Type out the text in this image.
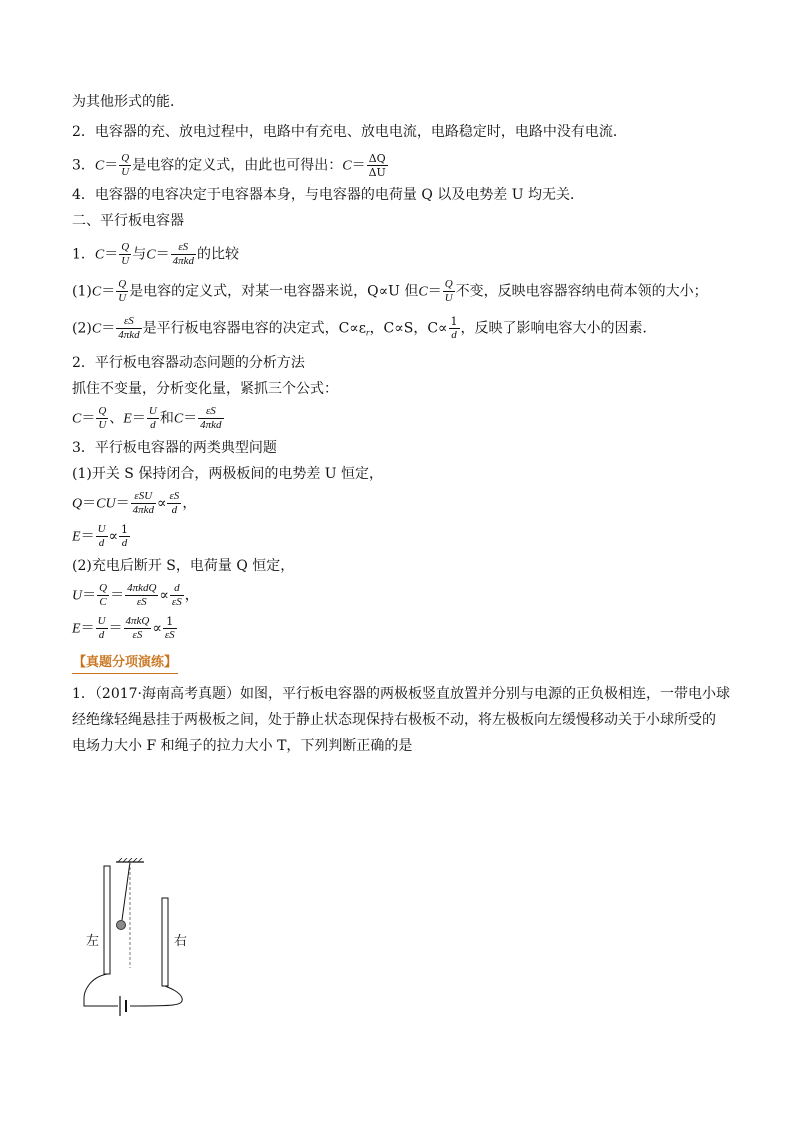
为其他形式的能．
2．电容器的充、放电过程中，电路中有充电、放电电流，电路稳定时，电路中没有电流．
3．$C= \frac{Q}{U}$ 是电容的定义式，由此也可得出：$C= \frac{\Delta Q}{\Delta U}$
4．电容器的电容决定于电容器本身，与电容器的电荷量 Q 以及电势差 U 均无关．
二、平行板电容器
1．$C= \frac{Q}{U}$ 与$C= \frac{\varepsilon S}{\text{4πkd}}$ 的比较
$(1)C= \frac{Q}{U}$ 是电容的定义式，对某一电容器来说，Q∝U 但$C= \frac{Q}{U}$ 不变，反映电容器容纳电荷本领的大小；
$(2)C= \frac{\varepsilon S}{\text{4πkd}}$ 是平行板电容器电容的决定式，$C\propto\varepsilon_r$，C∝S，$C\propto \frac{1}{d}$ ，反映了影响电容大小的因素．
2．平行板电容器动态问题的分析方法
抓住不变量，分析变化量，紧抓三个公式：
$C= \frac{Q}{U}$ 、$E= \frac{U}{d}$ 和$C= \frac{\varepsilon S}{\text{4πkd}}$
3．平行板电容器的两类典型问题
(1)开关 S 保持闭合，两极板间的电势差 U 恒定，
$Q=CU= \frac{\text{εSU}}{\text{4πkd}} \propto \frac{\varepsilon S}{d}$ ，
$E= \frac{U}{d} \propto \frac{1}{d}$
(2)充电后断开 S，电荷量 Q 恒定，
$U= \frac{Q}{C} = \frac{\text{4πkdQ}}{\varepsilon S} \propto \frac{d}{\varepsilon S}$ ，
$E= \frac{U}{d} = \frac{\text{4πkQ}}{\varepsilon S} \propto \frac{1}{\varepsilon S}$
【真题分项演练】
1．（2017·海南高考真题）如图，平行板电容器的两极板竖直放置并分别与电源的正负极相连，一带电小球
经绝缘轻绳悬挂于两极板之间，处于静止状态现保持右极板不动，将左极板向左缓慢移动关于小球所受的
电场力大小 F 和绳子的拉力大小 T，下列判断正确的是
左	右
